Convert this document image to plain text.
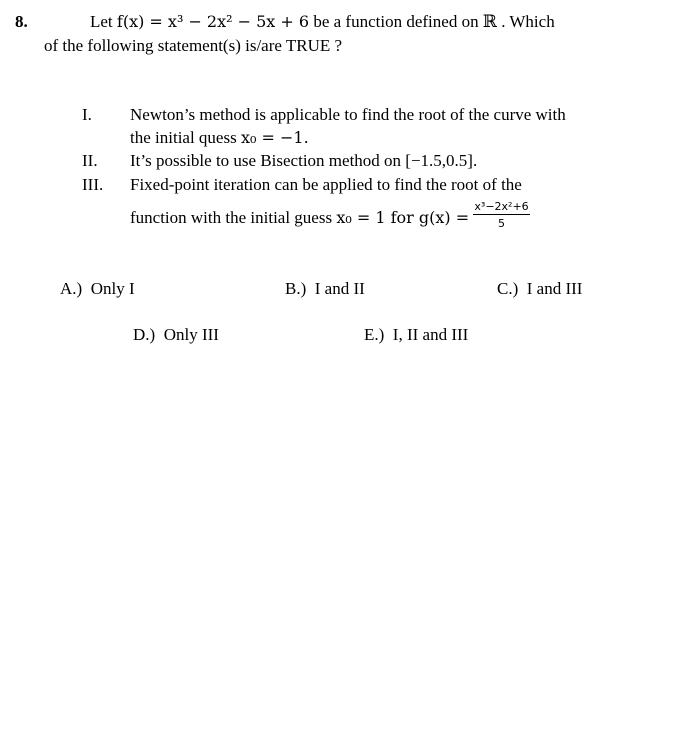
8.	Let f(x) = x³ − 2x² − 5x + 6 be a function defined on ℝ . Which
of the following statement(s) is/are TRUE ?
I. Newton’s method is applicable to find the root of the curve with
the initial quess x₀ = −1.
II. It’s possible to use Bisection method on [−1.5,0.5].
III. Fixed-point iteration can be applied to find the root of the
function with the initial guess x₀ = 1 for $g(x) = \frac{\text{x³−2x²+6}}{5}$
A.) Only I	B.) I and II	C.) I and III
D.) Only III	E.) I, II and III
